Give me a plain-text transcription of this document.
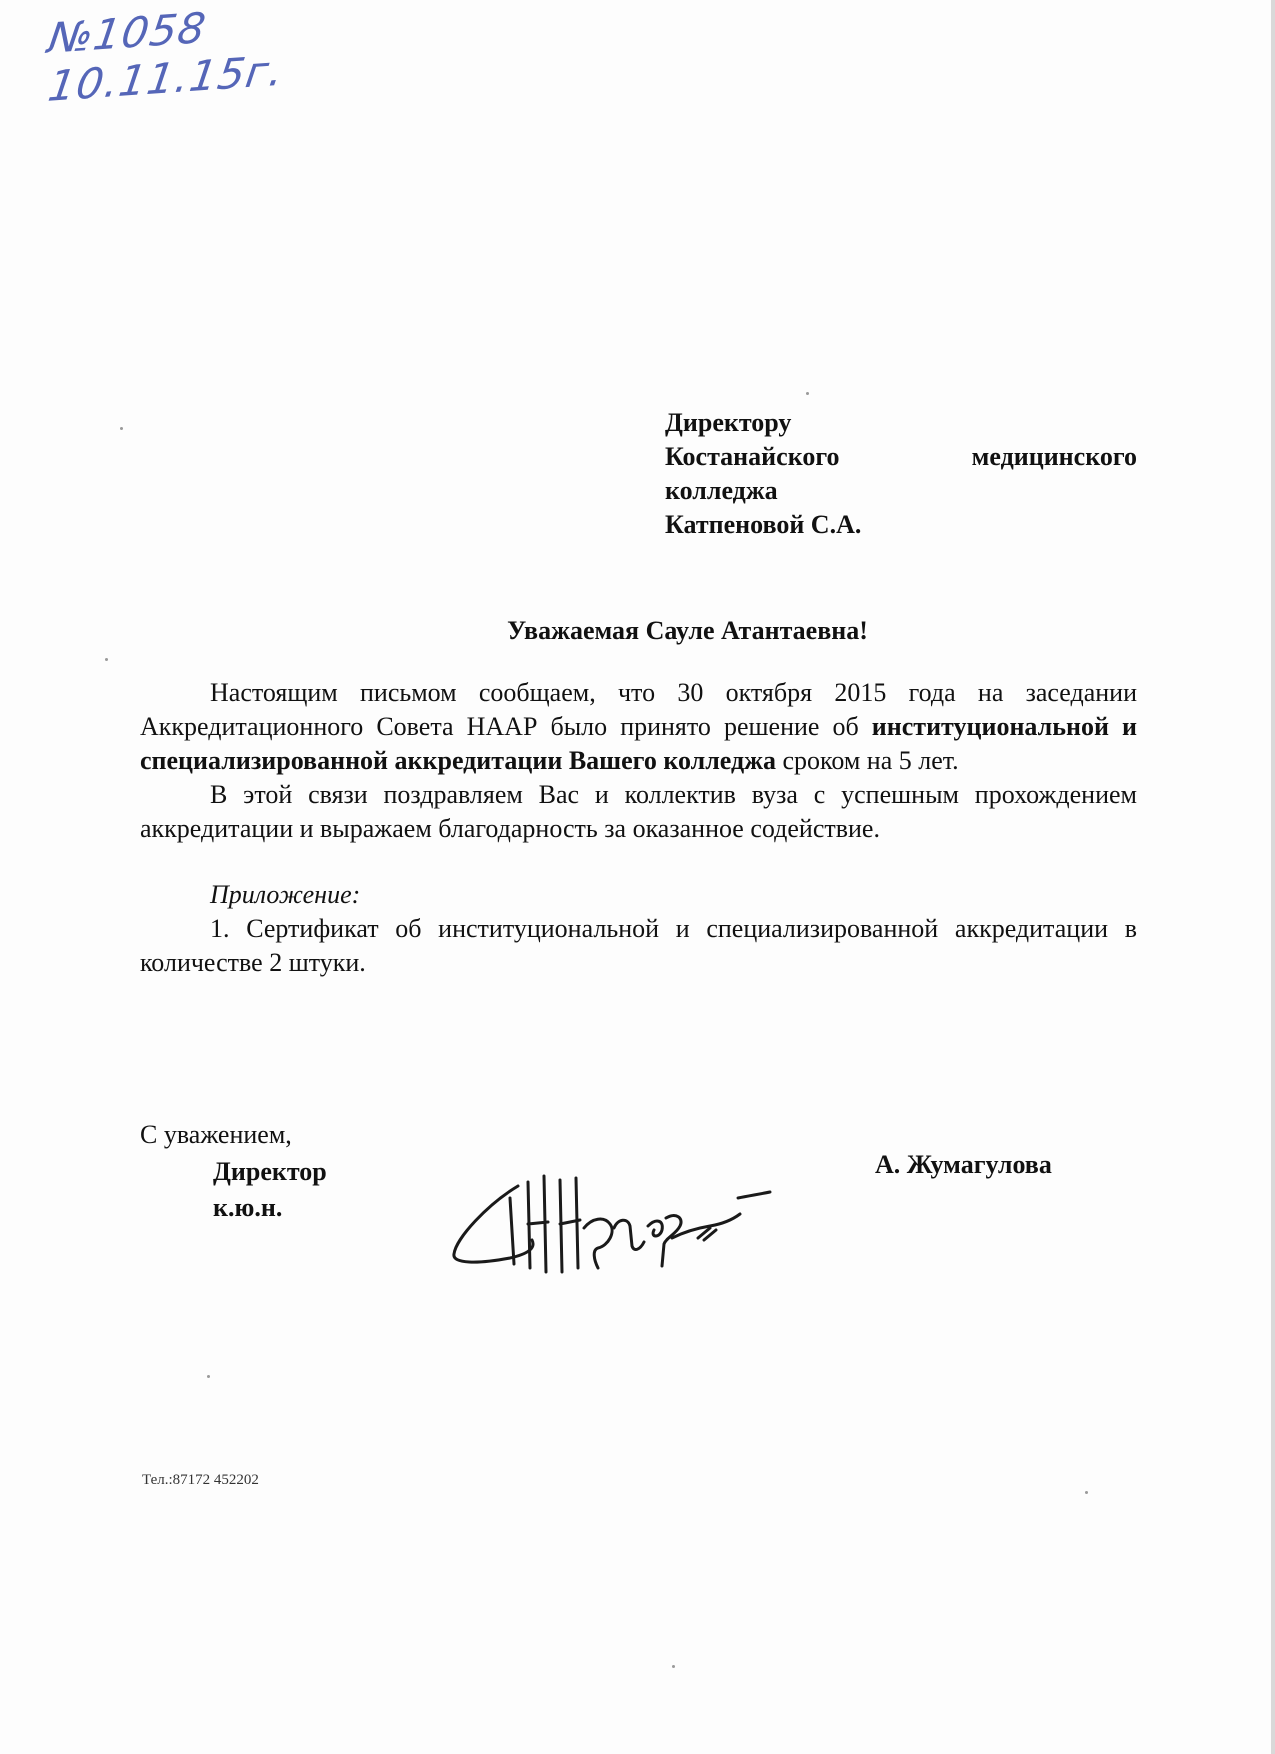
№1058
10.11.15г.
Директору
Костанайского	медицинского
колледжа
Катпеновой С.А.
Уважаемая Сауле Атантаевна!

Настоящим письмом сообщаем, что 30 октября 2015 года на заседании Аккредитационного Совета НААР было принято решение об институциональной и специализированной аккредитации Вашего колледжа сроком на 5 лет.

В этой связи поздравляем Вас и коллектив вуза с успешным прохождением аккредитации и выражаем благодарность за оказанное содействие.

Приложение:

1. Сертификат об институциональной и специализированной аккредитации в количестве 2 штуки.

С уважением,
Директор
к.ю.н.
А. Жумагулова
Тел.:87172 452202
